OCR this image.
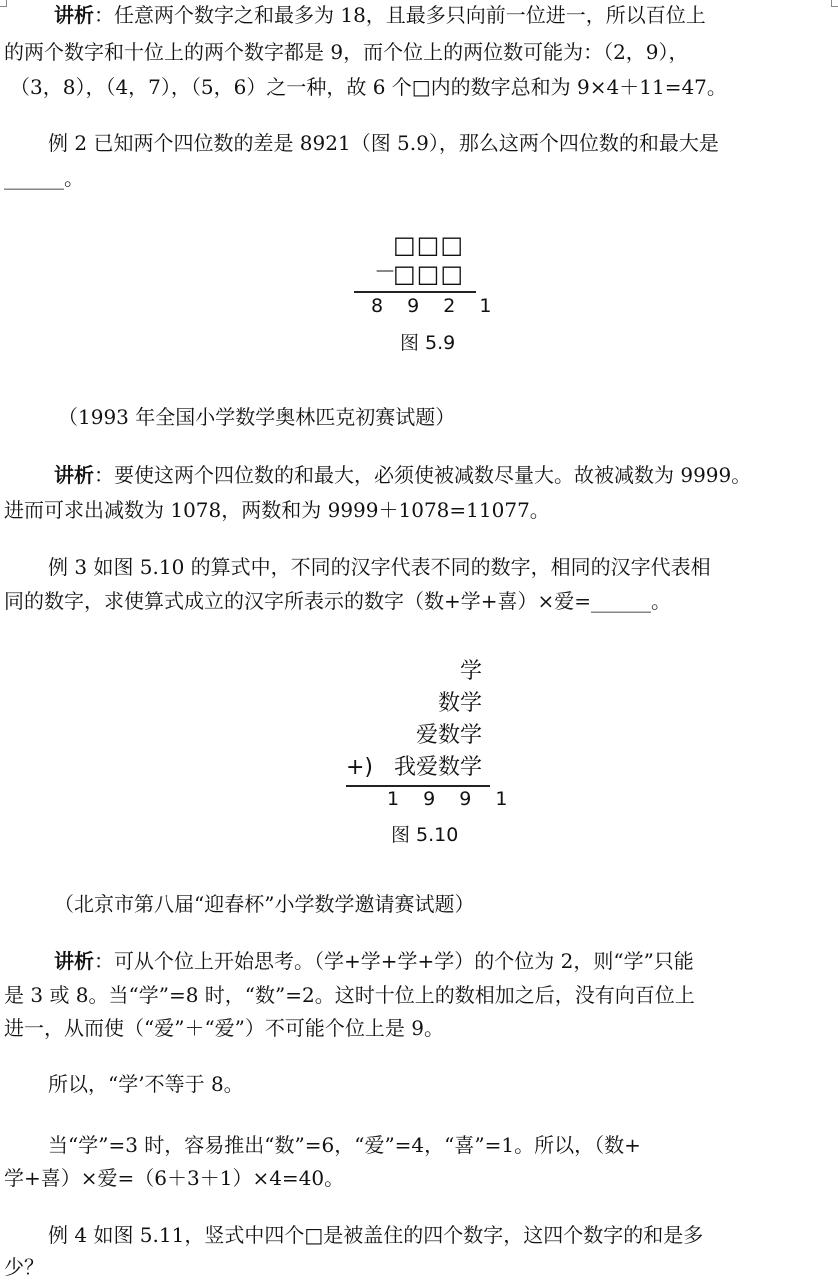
讲析：任意两个数字之和最多为 18，且最多只向前一位进一，所以百位上
的两个数字和十位上的两个数字都是 9，而个位上的两位数可能为：（2，9），
（3，8），（4，7），（5，6）之一种，故 6 个□内的数字总和为 9×4＋11=47。
例 2 已知两个四位数的差是 8921（图 5.9），那么这两个四位数的和最大是
______。
□□□
－
□□□
8 9 2 1
图 5.9
（1993 年全国小学数学奥林匹克初赛试题）
讲析：要使这两个四位数的和最大，必须使被减数尽量大。故被减数为 9999。
进而可求出减数为 1078，两数和为 9999＋1078=11077。
例 3 如图 5.10 的算式中，不同的汉字代表不同的数字，相同的汉字代表相
同的数字，求使算式成立的汉字所表示的数字（数+学+喜）×爱=______。
学
数学
爱数学
+) 我爱数学
1 9 9 1
图 5.10
（北京市第八届“迎春杯”小学数学邀请赛试题）
讲析：可从个位上开始思考。（学+学+学+学）的个位为 2，则“学”只能
是 3 或 8。当“学”=8 时，“数”=2。这时十位上的数相加之后，没有向百位上
进一，从而使（“爱”＋“爱”）不可能个位上是 9。
所以，“学’不等于 8。
当“学”=3 时，容易推出“数”=6，“爱”=4，“喜”=1。所以，（数+
学+喜）×爱=（6＋3＋1）×4=40。
例 4 如图 5.11，竖式中四个□是被盖住的四个数字，这四个数字的和是多
少？
